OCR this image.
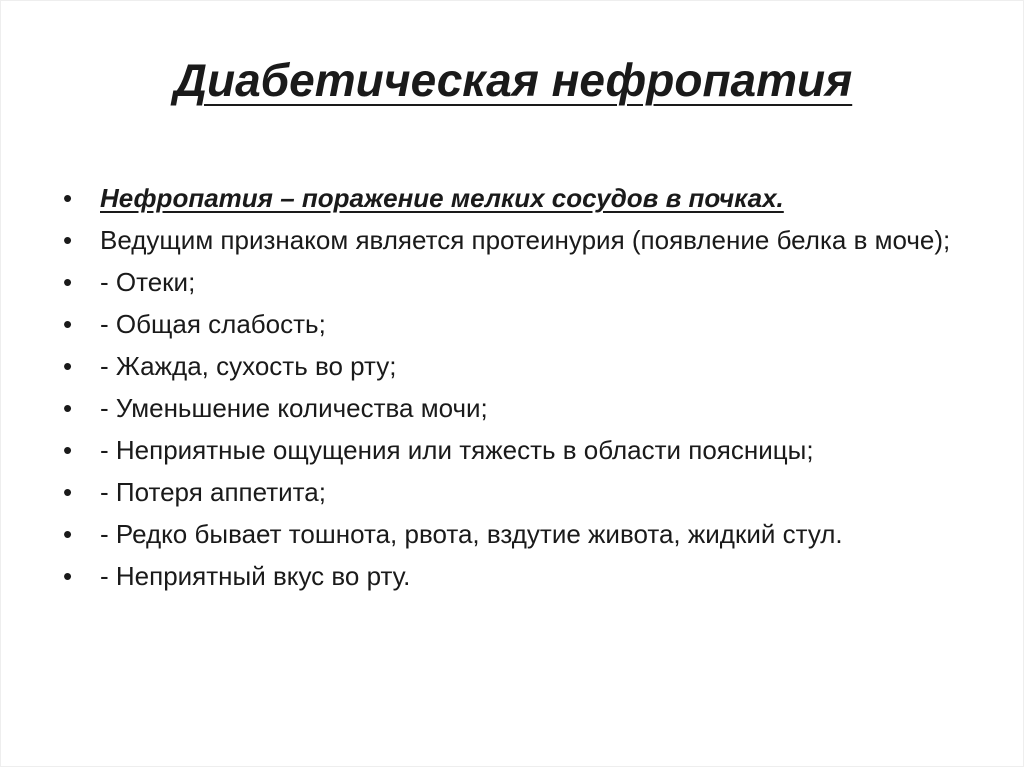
Диабетическая нефропатия
• Нефропатия – поражение мелких сосудов в почках.
• Ведущим признаком является протеинурия (появление белка в моче);
• - Отеки;
• - Общая слабость;
• - Жажда, сухость во рту;
• - Уменьшение количества мочи;
• - Неприятные ощущения или тяжесть в области поясницы;
• - Потеря аппетита;
• - Редко бывает тошнота, рвота, вздутие живота, жидкий стул.
• - Неприятный вкус во рту.
